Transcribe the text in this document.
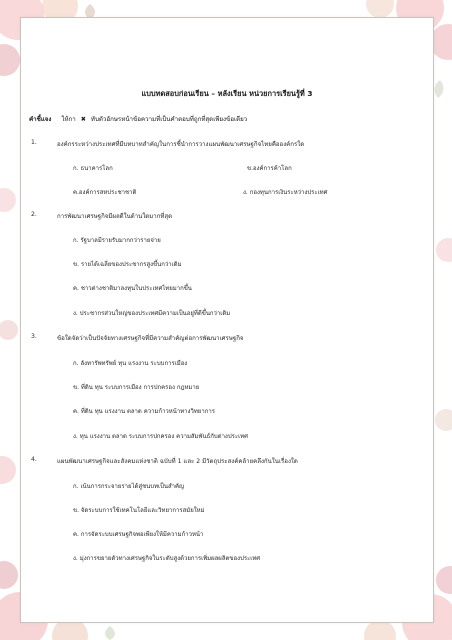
แบบทดสอบก่อนเรียน – หลังเรียน หน่วยการเรียนรู้ที่ 3
คำชี้แจง ให้กา ✖ ทับตัวอักษรหน้าข้อความที่เป็นคำตอบที่ถูกที่สุดเพียงข้อเดียว
1.	องค์กรระหว่างประเทศที่มีบทบาทสำคัญในการชี้นำการวางแผนพัฒนาเศรษฐกิจไทยคือองค์กรใด
ก. ธนาคารโลก	ข.องค์การค้าโลก
ค.องค์การสหประชาชาติ	ง. กองทุนการเงินระหว่างประเทศ
2.	การพัฒนาเศรษฐกิจมีผลดีในด้านใดมากที่สุด
ก. รัฐบาลมีรายรับมากกว่ารายจ่าย
ข. รายได้เฉลี่ยของประชากรสูงขึ้นกว่าเดิม
ค. ชาวต่างชาติมาลงทุนในประเทศไทยมากขึ้น
ง. ประชากรส่วนใหญ่ของประเทศมีความเป็นอยู่ที่ดีขึ้นกว่าเดิม
3.	ข้อใดจัดว่าเป็นปัจจัยทางเศรษฐกิจที่มีความสำคัญต่อการพัฒนาเศรษฐกิจ
ก. ลังทารัพทรัพย์ ทุน แรงงาน ระบบการเมือง
ข. ที่ดิน ทุน ระบบการเมือง การปกครอง กฎหมาย
ค. ที่ดิน ทุน แรงงาน ตลาด ความก้าวหน้าทางวิทยาการ
ง. ทุน แรงงาน ตลาด ระบบการปกครอง ความสัมพันธ์กับต่างประเทศ
4.	แผนพัฒนาเศรษฐกิจและสังคมแห่งชาติ ฉบับที่ 1 และ 2 มีวัตถุประสงค์คล้ายคลึงกันในเรื่องใด
ก. เน้นการกระจายรายได้สู่ชนบทเป็นสำคัญ
ข. จัดระบบการใช้เทคโนโลยีและวิทยาการสมัยใหม่
ค. การจัดระบบเศรษฐกิจพอเพียงให้มีความก้าวหน้า
ง. มุ่งการขยายตัวทางเศรษฐกิจในระดับสูงด้วยการเพิ่มผลผลิตของประเทศ
